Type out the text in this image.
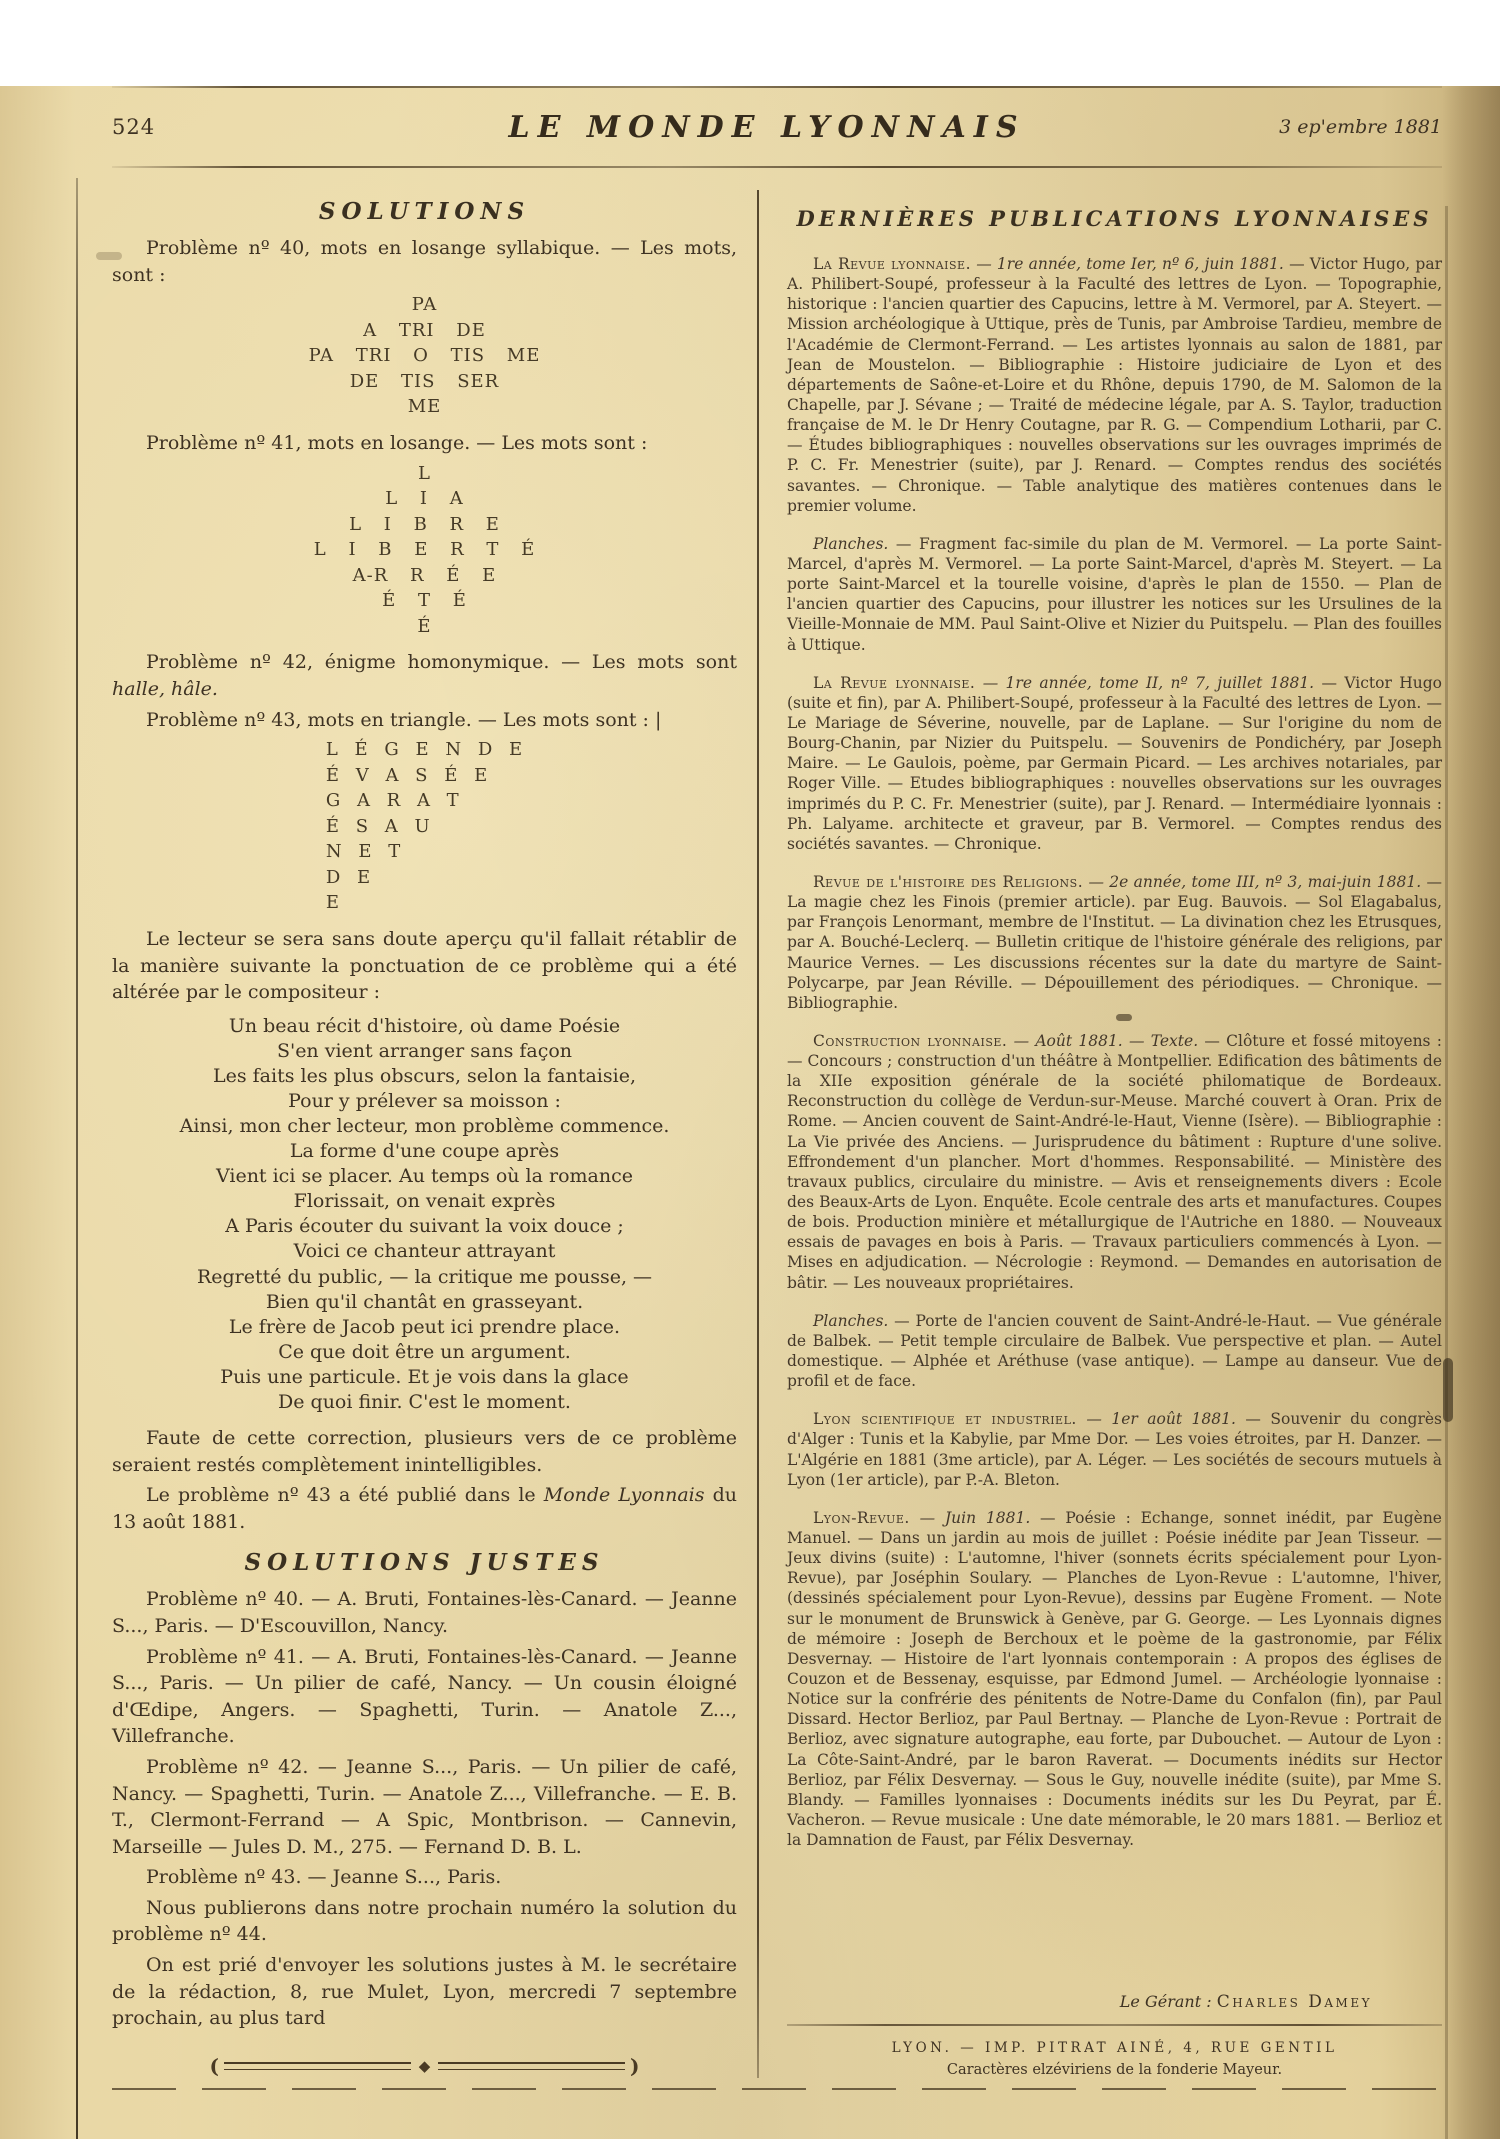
524	LE MONDE LYONNAIS	3 ep'embre 1881
SOLUTIONS

Problème nº 40, mots en losange syllabique. — Les mots, sont :

PA
A TRI DE
PA TRI O TIS ME
DE TIS SER
ME

Problème nº 41, mots en losange. — Les mots sont :

L
L I A
L I B R E
L I B E R T É
A-R R É E
É T É
É

Problème nº 42, énigme homonymique. — Les mots sont halle, hâle.

Problème nº 43, mots en triangle. — Les mots sont : |

L É G E N D E
É V A S É E
G A R A T
É S A U
N E T
D E
E

Le lecteur se sera sans doute aperçu qu'il fallait rétablir de la manière suivante la ponctuation de ce problème qui a été altérée par le compositeur :

Un beau récit d'histoire, où dame Poésie
S'en vient arranger sans façon
Les faits les plus obscurs, selon la fantaisie,
Pour y prélever sa moisson :
Ainsi, mon cher lecteur, mon problème commence.
La forme d'une coupe après
Vient ici se placer. Au temps où la romance
Florissait, on venait exprès
A Paris écouter du suivant la voix douce ;
Voici ce chanteur attrayant
Regretté du public, — la critique me pousse, —
Bien qu'il chantât en grasseyant.
Le frère de Jacob peut ici prendre place.
Ce que doit être un argument.
Puis une particule. Et je vois dans la glace
De quoi finir. C'est le moment.

Faute de cette correction, plusieurs vers de ce problème seraient restés complètement inintelligibles.

Le problème nº 43 a été publié dans le Monde Lyonnais du 13 août 1881.

SOLUTIONS JUSTES

Problème nº 40. — A. Bruti, Fontaines-lès-Canard. — Jeanne S..., Paris. — D'Escouvillon, Nancy.

Problème nº 41. — A. Bruti, Fontaines-lès-Canard. — Jeanne S..., Paris. — Un pilier de café, Nancy. — Un cousin éloigné d'Œdipe, Angers. — Spaghetti, Turin. — Anatole Z..., Villefranche.

Problème nº 42. — Jeanne S..., Paris. — Un pilier de café, Nancy. — Spaghetti, Turin. — Anatole Z..., Villefranche. — E. B. T., Clermont-Ferrand — A Spic, Montbrison. — Cannevin, Marseille — Jules D. M., 275. — Fernand D. B. L.

Problème nº 43. — Jeanne S..., Paris.

Nous publierons dans notre prochain numéro la solution du problème nº 44.

On est prié d'envoyer les solutions justes à M. le secrétaire de la rédaction, 8, rue Mulet, Lyon, mercredi 7 septembre prochain, au plus tard

(	◆	)
DERNIÈRES PUBLICATIONS LYONNAISES

La Revue lyonnaise. — 1re année, tome Ier, nº 6, juin 1881. — Victor Hugo, par A. Philibert-Soupé, professeur à la Faculté des lettres de Lyon. — Topographie, historique : l'ancien quartier des Capucins, lettre à M. Vermorel, par A. Steyert. — Mission archéologique à Uttique, près de Tunis, par Ambroise Tardieu, membre de l'Académie de Clermont-Ferrand. — Les artistes lyonnais au salon de 1881, par Jean de Moustelon. — Bibliographie : Histoire judiciaire de Lyon et des départements de Saône-et-Loire et du Rhône, depuis 1790, de M. Salomon de la Chapelle, par J. Sévane ; — Traité de médecine légale, par A. S. Taylor, traduction française de M. le Dr Henry Coutagne, par R. G. — Compendium Lotharii, par C. — Études bibliographiques : nouvelles observations sur les ouvrages imprimés de P. C. Fr. Menestrier (suite), par J. Renard. — Comptes rendus des sociétés savantes. — Chronique. — Table analytique des matières contenues dans le premier volume.

Planches. — Fragment fac-simile du plan de M. Vermorel. — La porte Saint-Marcel, d'après M. Vermorel. — La porte Saint-Marcel, d'après M. Steyert. — La porte Saint-Marcel et la tourelle voisine, d'après le plan de 1550. — Plan de l'ancien quartier des Capucins, pour illustrer les notices sur les Ursulines de la Vieille-Monnaie de MM. Paul Saint-Olive et Nizier du Puitspelu. — Plan des fouilles à Uttique.

La Revue lyonnaise. — 1re année, tome II, nº 7, juillet 1881. — Victor Hugo (suite et fin), par A. Philibert-Soupé, professeur à la Faculté des lettres de Lyon. — Le Mariage de Séverine, nouvelle, par de Laplane. — Sur l'origine du nom de Bourg-Chanin, par Nizier du Puitspelu. — Souvenirs de Pondichéry, par Joseph Maire. — Le Gaulois, poème, par Germain Picard. — Les archives notariales, par Roger Ville. — Etudes bibliographiques : nouvelles observations sur les ouvrages imprimés du P. C. Fr. Menestrier (suite), par J. Renard. — Intermédiaire lyonnais : Ph. Lalyame. architecte et graveur, par B. Vermorel. — Comptes rendus des sociétés savantes. — Chronique.

Revue de l'histoire des Religions. — 2e année, tome III, nº 3, mai-juin 1881. — La magie chez les Finois (premier article). par Eug. Bauvois. — Sol Elagabalus, par François Lenormant, membre de l'Institut. — La divination chez les Etrusques, par A. Bouché-Leclerq. — Bulletin critique de l'histoire générale des religions, par Maurice Vernes. — Les discussions récentes sur la date du martyre de Saint-Polycarpe, par Jean Réville. — Dépouillement des périodiques. — Chronique. — Bibliographie.

Construction lyonnaise. — Août 1881. — Texte. — Clôture et fossé mitoyens : — Concours ; construction d'un théâtre à Montpellier. Edification des bâtiments de la XIIe exposition générale de la société philomatique de Bordeaux. Reconstruction du collège de Verdun-sur-Meuse. Marché couvert à Oran. Prix de Rome. — Ancien couvent de Saint-André-le-Haut, Vienne (Isère). — Bibliographie : La Vie privée des Anciens. — Jurisprudence du bâtiment : Rupture d'une solive. Effrondement d'un plancher. Mort d'hommes. Responsabilité. — Ministère des travaux publics, circulaire du ministre. — Avis et renseignements divers : Ecole des Beaux-Arts de Lyon. Enquête. Ecole centrale des arts et manufactures. Coupes de bois. Production minière et métallurgique de l'Autriche en 1880. — Nouveaux essais de pavages en bois à Paris. — Travaux particuliers commencés à Lyon. — Mises en adjudication. — Nécrologie : Reymond. — Demandes en autorisation de bâtir. — Les nouveaux propriétaires.

Planches. — Porte de l'ancien couvent de Saint-André-le-Haut. — Vue générale de Balbek. — Petit temple circulaire de Balbek. Vue perspective et plan. — Autel domestique. — Alphée et Aréthuse (vase antique). — Lampe au danseur. Vue de profil et de face.

Lyon scientifique et industriel. — 1er août 1881. — Souvenir du congrès d'Alger : Tunis et la Kabylie, par Mme Dor. — Les voies étroites, par H. Danzer. — L'Algérie en 1881 (3me article), par A. Léger. — Les sociétés de secours mutuels à Lyon (1er article), par P.-A. Bleton.

Lyon-Revue. — Juin 1881. — Poésie : Echange, sonnet inédit, par Eugène Manuel. — Dans un jardin au mois de juillet : Poésie inédite par Jean Tisseur. — Jeux divins (suite) : L'automne, l'hiver (sonnets écrits spécialement pour Lyon-Revue), par Joséphin Soulary. — Planches de Lyon-Revue : L'automne, l'hiver, (dessinés spécialement pour Lyon-Revue), dessins par Eugène Froment. — Note sur le monument de Brunswick à Genève, par G. George. — Les Lyonnais dignes de mémoire : Joseph de Berchoux et le poème de la gastronomie, par Félix Desvernay. — Histoire de l'art lyonnais contemporain : A propos des églises de Couzon et de Bessenay, esquisse, par Edmond Jumel. — Archéologie lyonnaise : Notice sur la confrérie des pénitents de Notre-Dame du Confalon (fin), par Paul Dissard. Hector Berlioz, par Paul Bertnay. — Planche de Lyon-Revue : Portrait de Berlioz, avec signature autographe, eau forte, par Dubouchet. — Autour de Lyon : La Côte-Saint-André, par le baron Raverat. — Documents inédits sur Hector Berlioz, par Félix Desvernay. — Sous le Guy, nouvelle inédite (suite), par Mme S. Blandy. — Familles lyonnaises : Documents inédits sur les Du Peyrat, par É. Vacheron. — Revue musicale : Une date mémorable, le 20 mars 1881. — Berlioz et la Damnation de Faust, par Félix Desvernay.

Le Gérant : Charles Damey

LYON. — IMP. PITRAT AINÉ, 4, RUE GENTIL

Caractères elzéviriens de la fonderie Mayeur.
